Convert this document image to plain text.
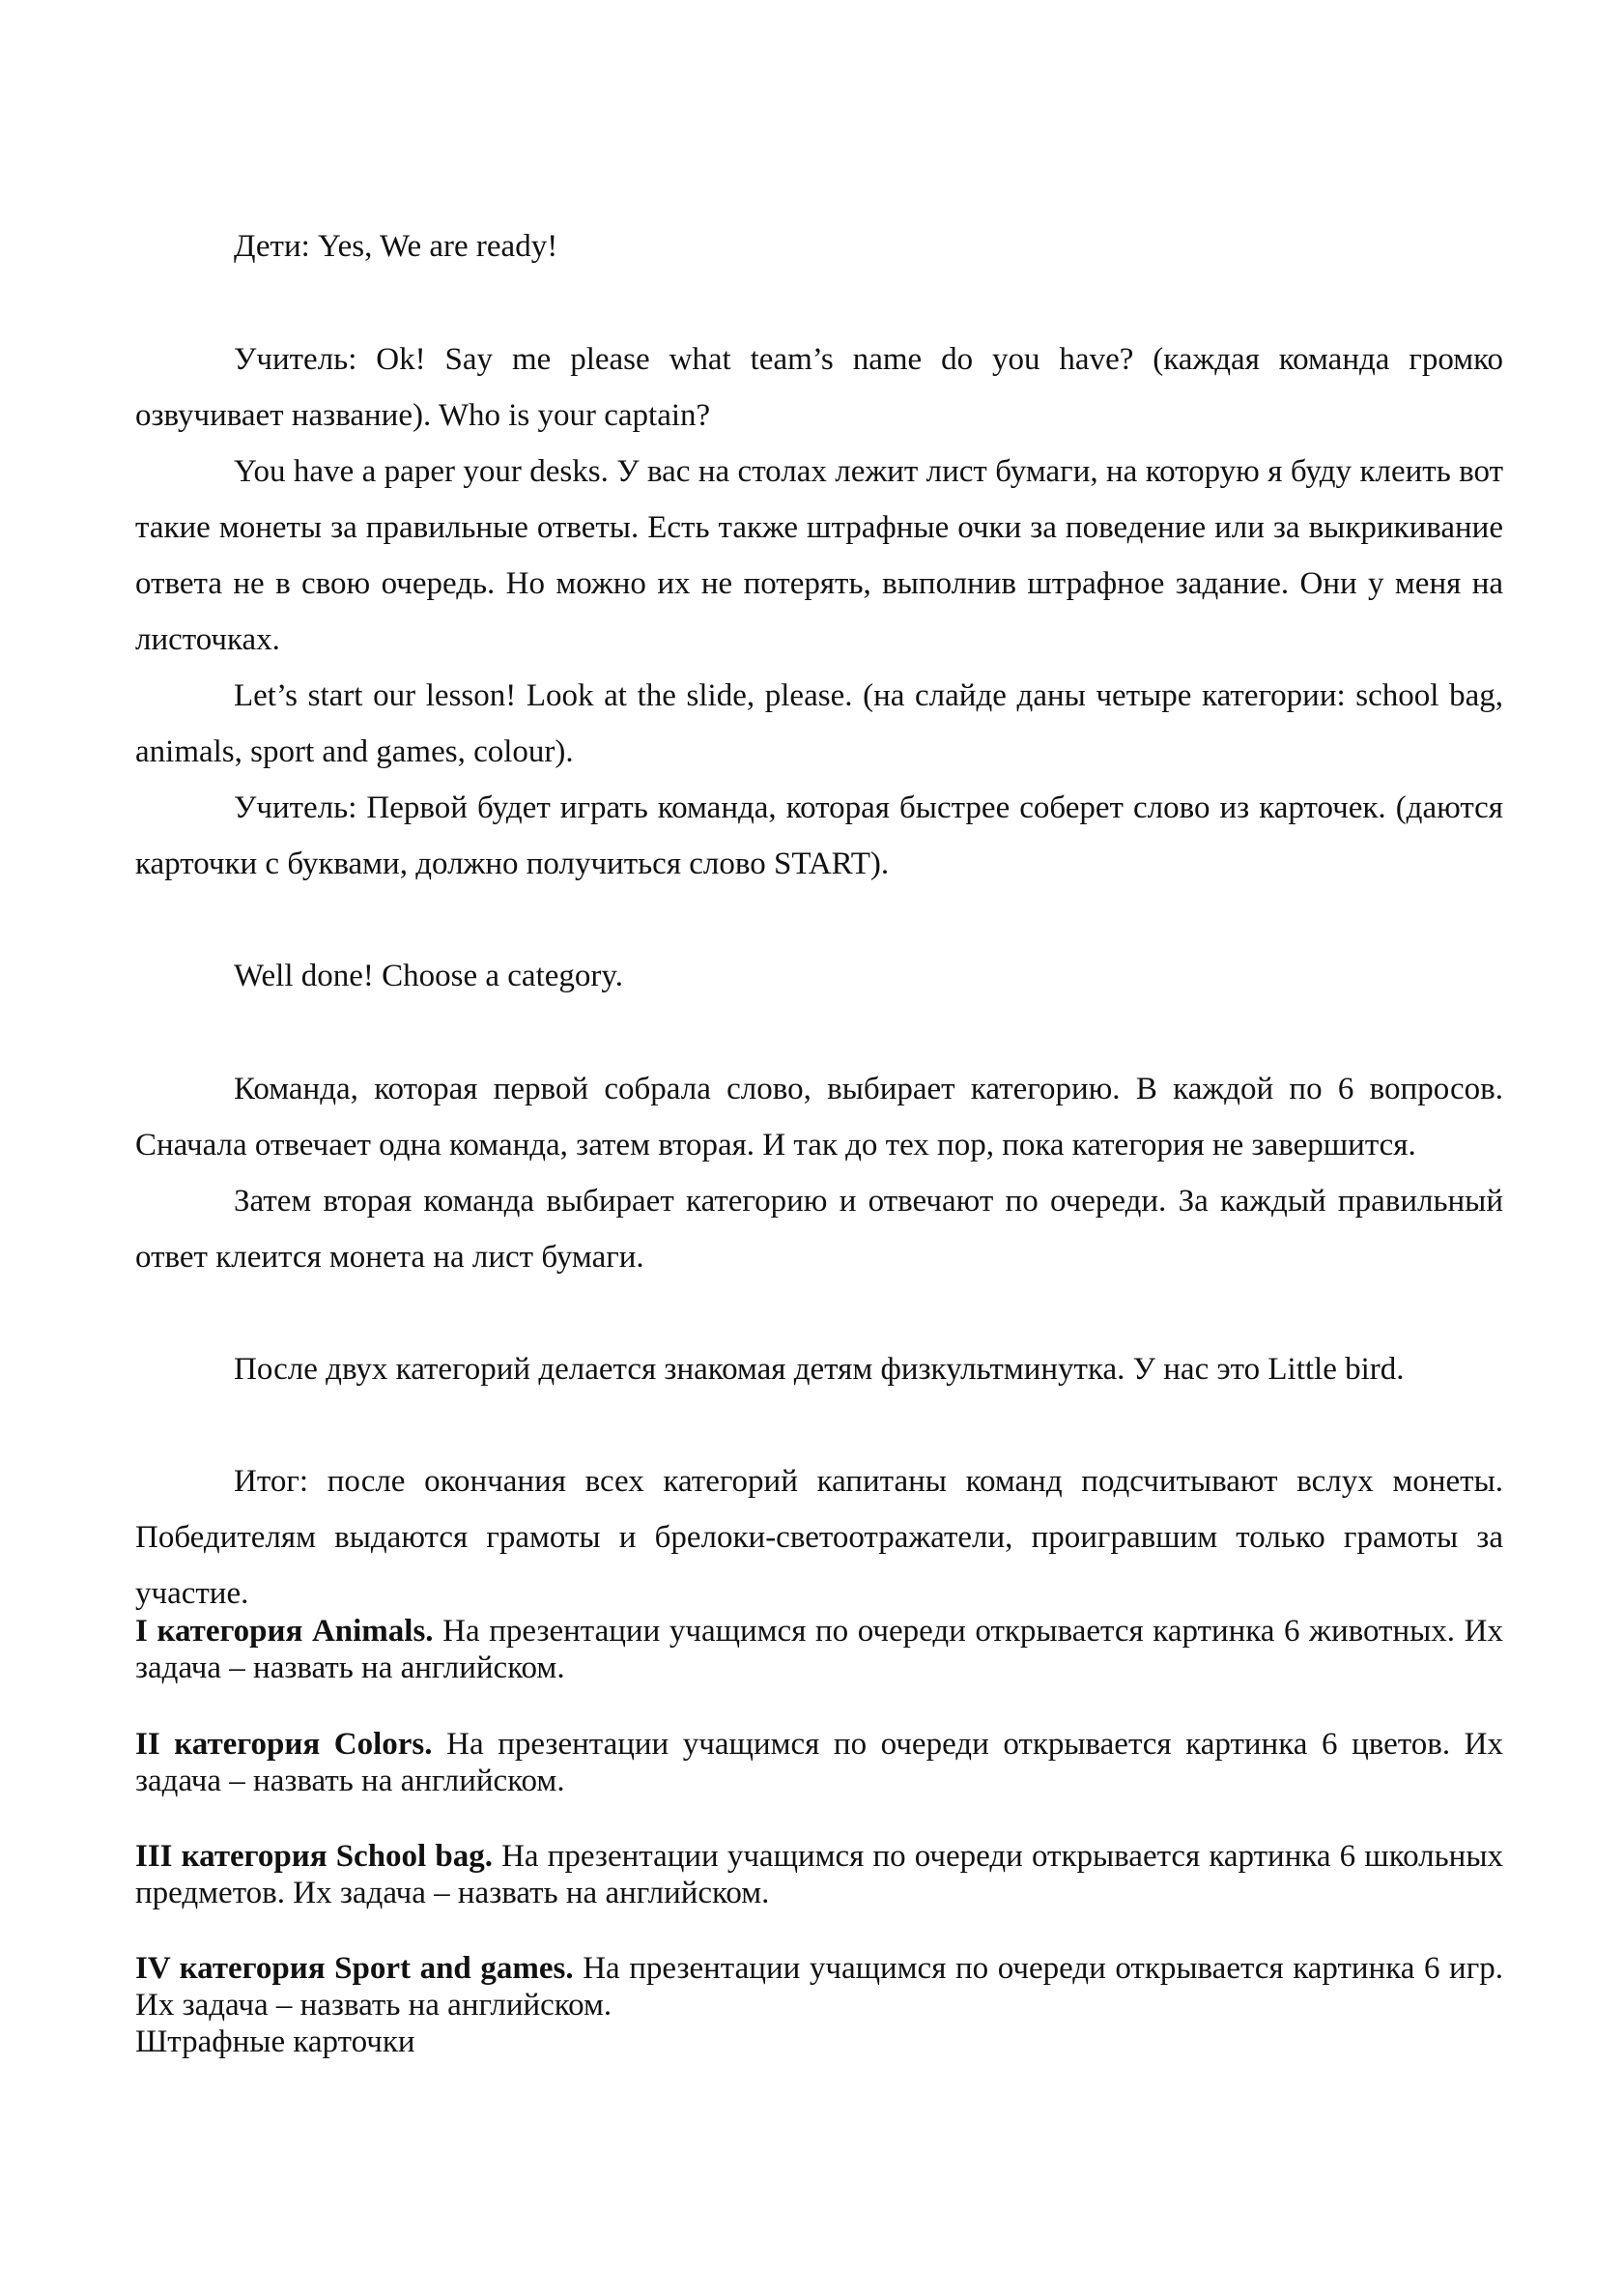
Дети: Yes, We are ready!

Учитель: Ok! Say me please what team’s name do you have? (каждая команда громко озвучивает название). Who is your captain?

You have a paper your desks. У вас на столах лежит лист бумаги, на которую я буду клеить вот такие монеты за правильные ответы. Есть также штрафные очки за поведение или за выкрикивание ответа не в свою очередь. Но можно их не потерять, выполнив штрафное задание. Они у меня на листочках.

Let’s start our lesson! Look at the slide, please. (на слайде даны четыре категории: school bag, animals, sport and games, colour).

Учитель: Первой будет играть команда, которая быстрее соберет слово из карточек. (даются карточки с буквами, должно получиться слово START).

Well done! Choose a category.

Команда, которая первой собрала слово, выбирает категорию. В каждой по 6 вопросов. Сначала отвечает одна команда, затем вторая. И так до тех пор, пока категория не завершится.

Затем вторая команда выбирает категорию и отвечают по очереди. За каждый правильный ответ клеится монета на лист бумаги.

После двух категорий делается знакомая детям физкультминутка. У нас это Little bird.

Итог: после окончания всех категорий капитаны команд подсчитывают вслух монеты. Победителям выдаются грамоты и брелоки-светоотражатели, проигравшим только грамоты за участие.

I категория Animals. На презентации учащимся по очереди открывается картинка 6 животных. Их задача – назвать на английском.

II категория Colors. На презентации учащимся по очереди открывается картинка 6 цветов. Их задача – назвать на английском.

III категория School bag. На презентации учащимся по очереди открывается картинка 6 школьных предметов. Их задача – назвать на английском.

IV категория Sport and games. На презентации учащимся по очереди открывается картинка 6 игр. Их задача – назвать на английском.
Штрафные карточки
